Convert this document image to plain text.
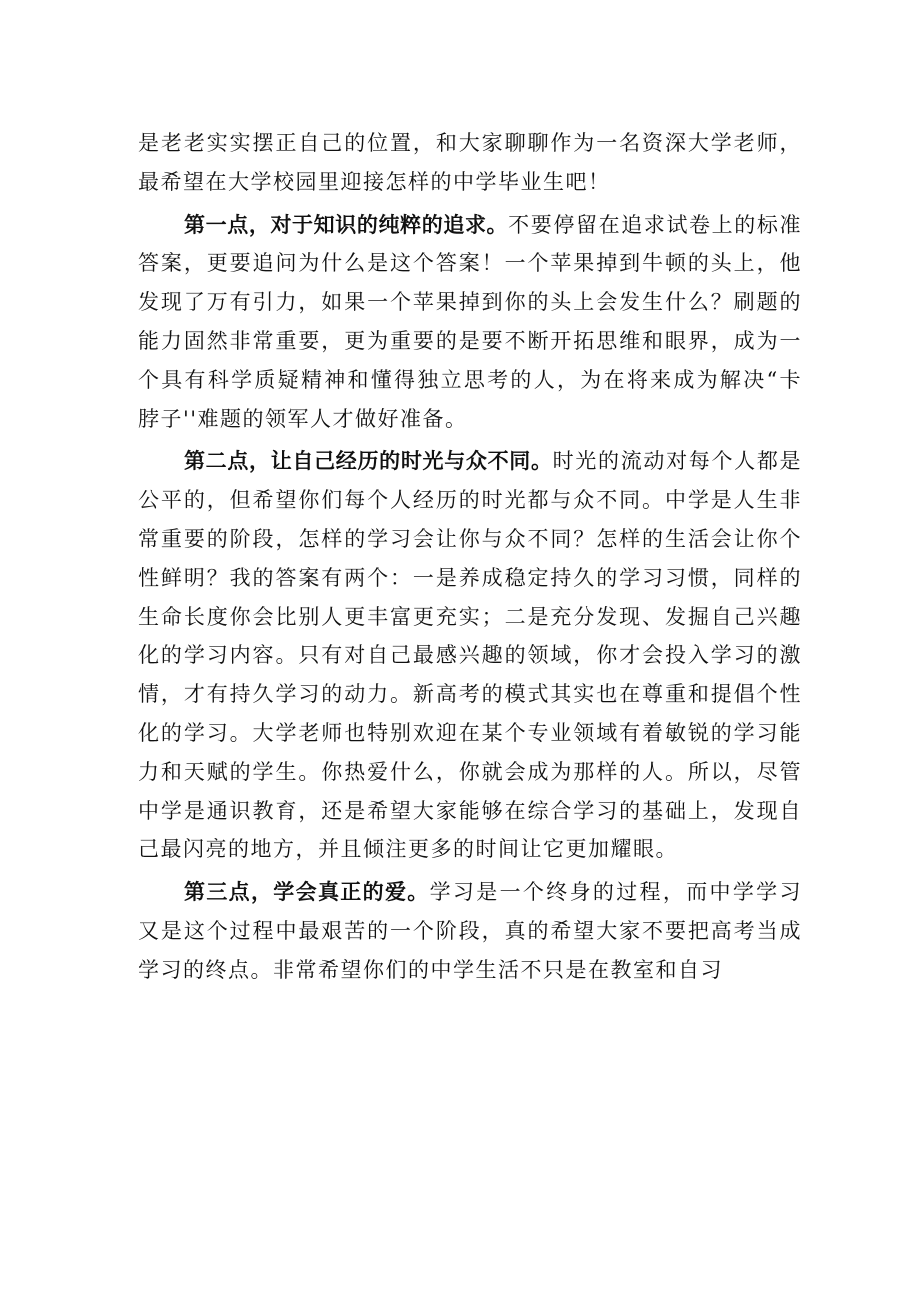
是老老实实摆正自己的位置，和大家聊聊作为一名资深大学老师，最希望在大学校园里迎接怎样的中学毕业生吧！

第一点，对于知识的纯粹的追求。不要停留在追求试卷上的标准答案，更要追问为什么是这个答案！一个苹果掉到牛顿的头上，他发现了万有引力，如果一个苹果掉到你的头上会发生什么？刷题的能力固然非常重要，更为重要的是要不断开拓思维和眼界，成为一个具有科学质疑精神和懂得独立思考的人，为在将来成为解决“卡脖子''难题的领军人才做好准备。

第二点，让自己经历的时光与众不同。时光的流动对每个人都是公平的，但希望你们每个人经历的时光都与众不同。中学是人生非常重要的阶段，怎样的学习会让你与众不同？怎样的生活会让你个性鲜明？我的答案有两个：一是养成稳定持久的学习习惯，同样的生命长度你会比别人更丰富更充实；二是充分发现、发掘自己兴趣化的学习内容。只有对自己最感兴趣的领域，你才会投入学习的激情，才有持久学习的动力。新高考的模式其实也在尊重和提倡个性化的学习。大学老师也特别欢迎在某个专业领域有着敏锐的学习能力和天赋的学生。你热爱什么，你就会成为那样的人。所以，尽管中学是通识教育，还是希望大家能够在综合学习的基础上，发现自己最闪亮的地方，并且倾注更多的时间让它更加耀眼。

第三点，学会真正的爱。学习是一个终身的过程，而中学学习又是这个过程中最艰苦的一个阶段，真的希望大家不要把高考当成学习的终点。非常希望你们的中学生活不只是在教室和自习
